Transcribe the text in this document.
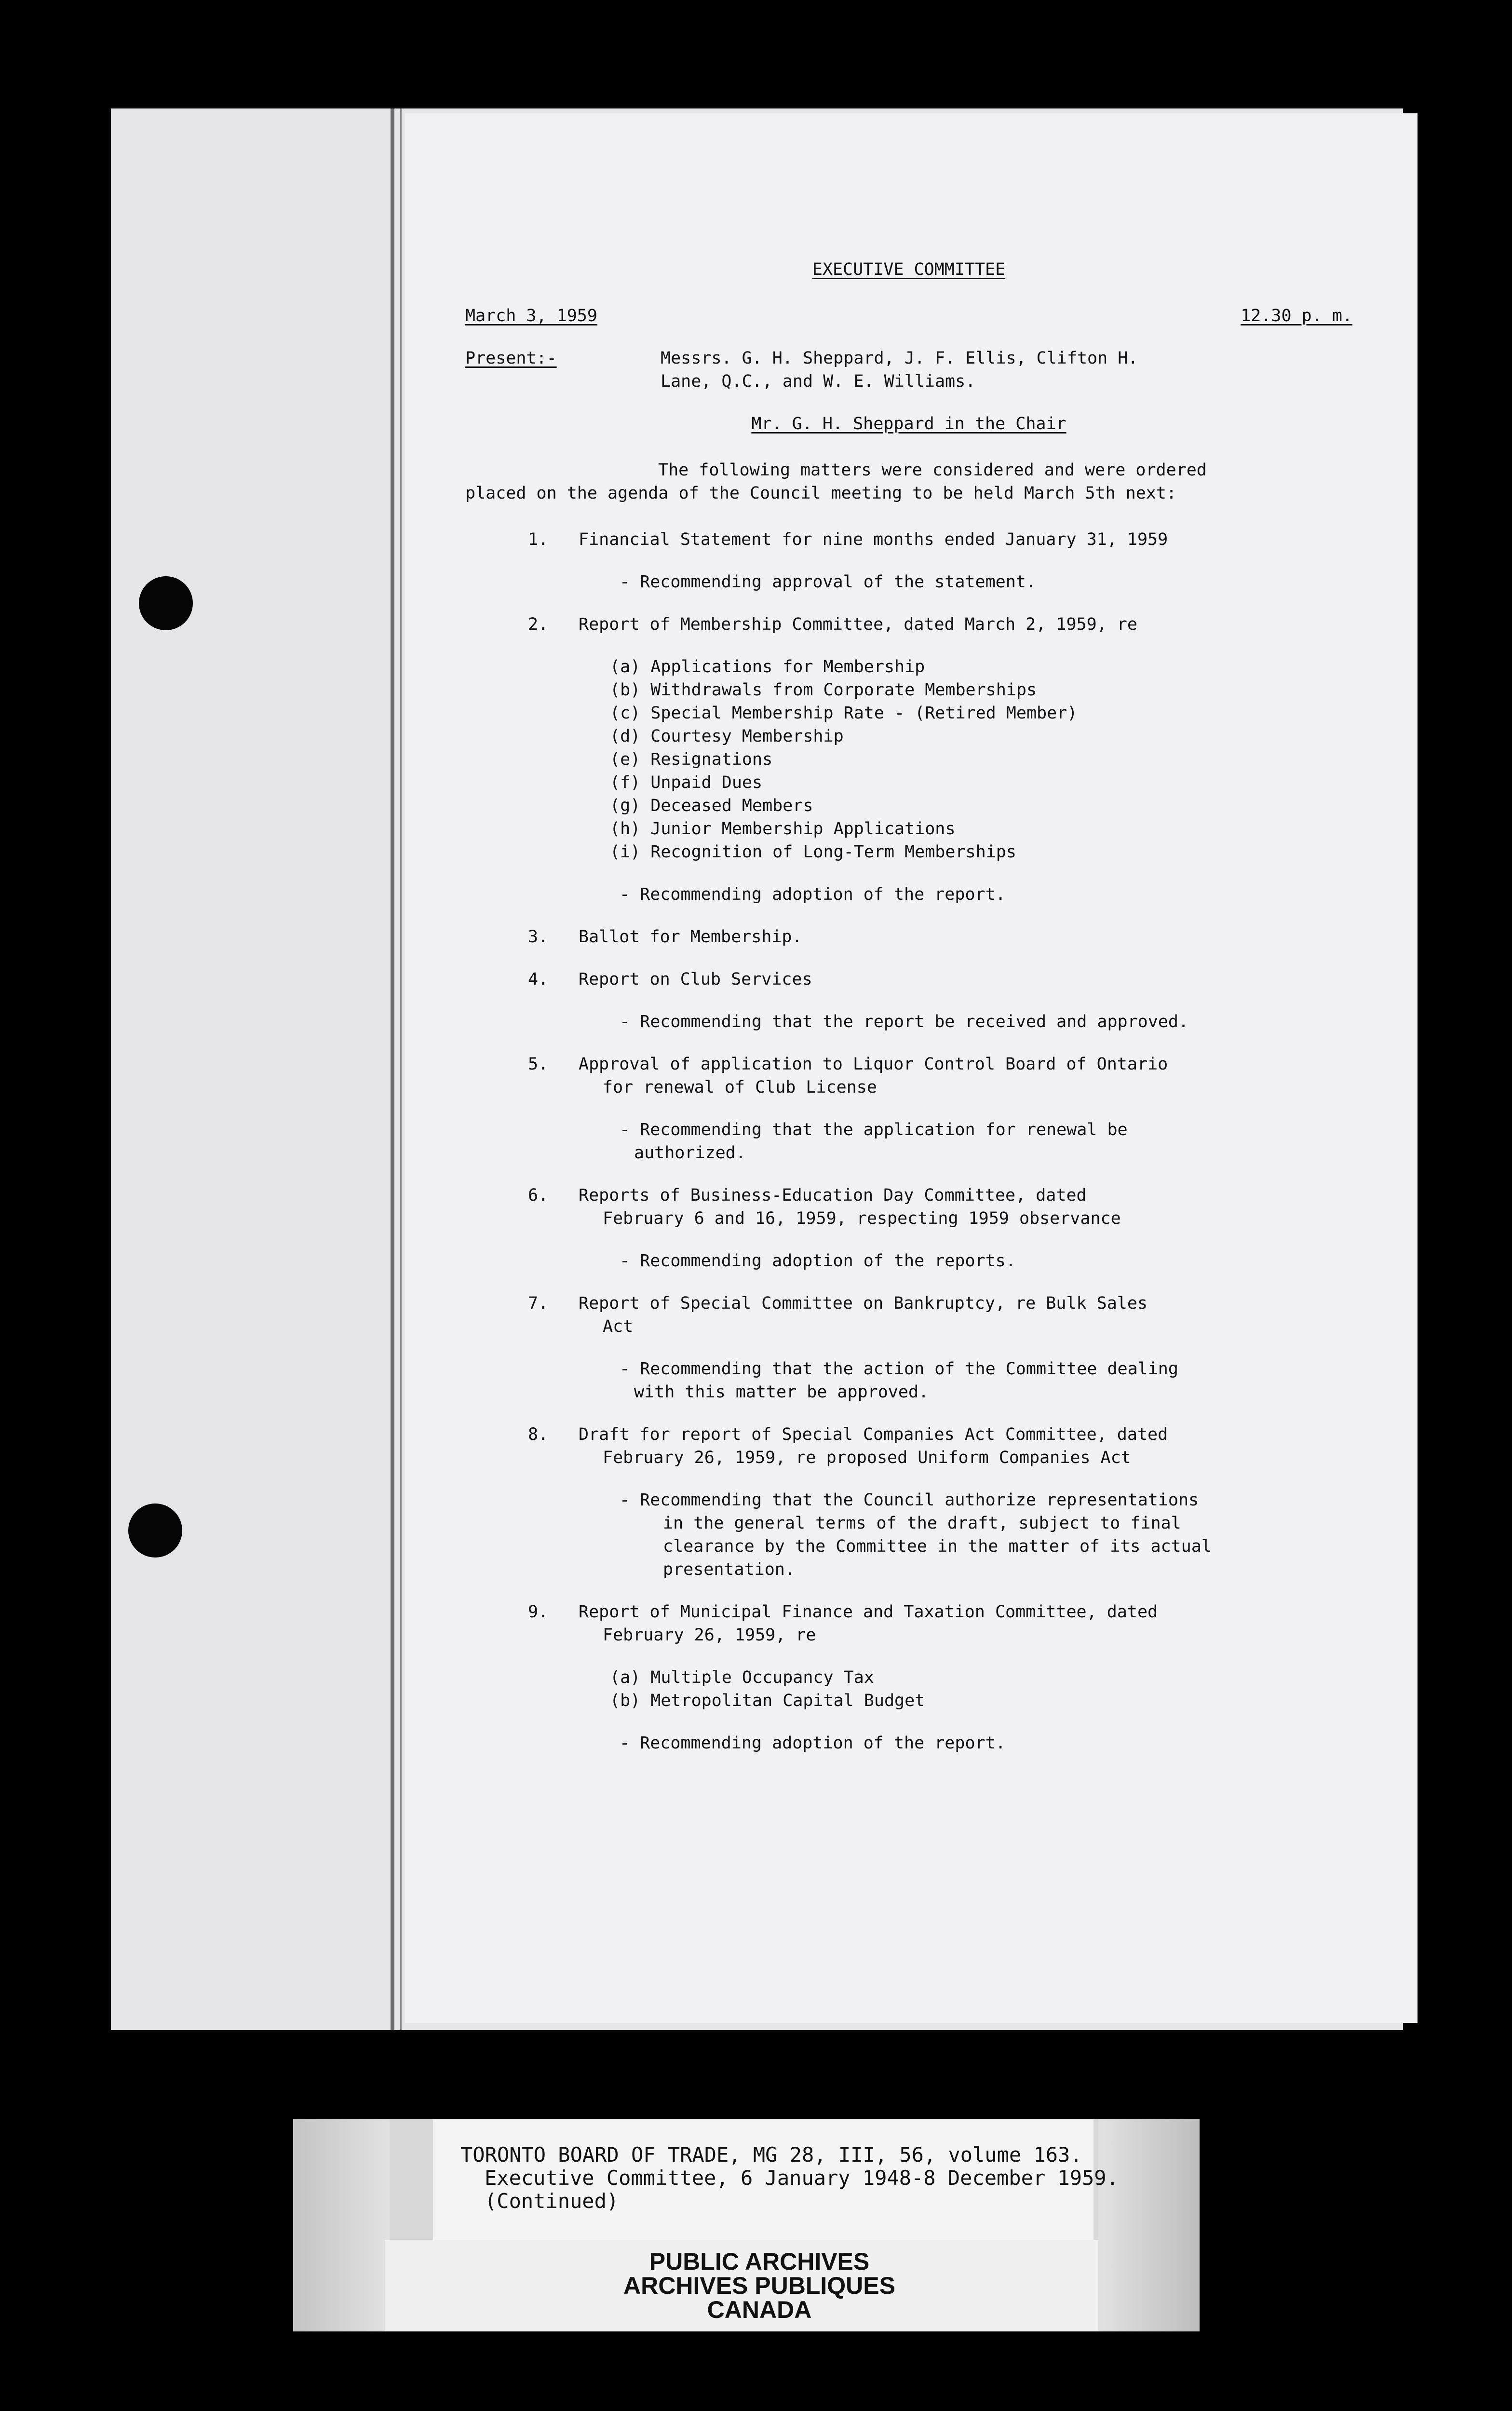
EXECUTIVE COMMITTEE
March 3, 1959	12.30 p. m.
Present:-	Messrs. G. H. Sheppard, J. F. Ellis, Clifton H.
Lane, Q.C., and W. E. Williams.
Mr. G. H. Sheppard in the Chair
The following matters were considered and were ordered
placed on the agenda of the Council meeting to be held March 5th next:
1. Financial Statement for nine months ended January 31, 1959
- Recommending approval of the statement.
2. Report of Membership Committee, dated March 2, 1959, re
(a) Applications for Membership
(b) Withdrawals from Corporate Memberships
(c) Special Membership Rate - (Retired Member)
(d) Courtesy Membership
(e) Resignations
(f) Unpaid Dues
(g) Deceased Members
(h) Junior Membership Applications
(i) Recognition of Long-Term Memberships
- Recommending adoption of the report.
3. Ballot for Membership.
4. Report on Club Services
- Recommending that the report be received and approved.
5. Approval of application to Liquor Control Board of Ontario
for renewal of Club License
- Recommending that the application for renewal be
authorized.
6. Reports of Business-Education Day Committee, dated
February 6 and 16, 1959, respecting 1959 observance
- Recommending adoption of the reports.
7. Report of Special Committee on Bankruptcy, re Bulk Sales
Act
- Recommending that the action of the Committee dealing
with this matter be approved.
8. Draft for report of Special Companies Act Committee, dated
February 26, 1959, re proposed Uniform Companies Act
- Recommending that the Council authorize representations
in the general terms of the draft, subject to final
clearance by the Committee in the matter of its actual
presentation.
9. Report of Municipal Finance and Taxation Committee, dated
February 26, 1959, re
(a) Multiple Occupancy Tax
(b) Metropolitan Capital Budget
- Recommending adoption of the report.
TORONTO BOARD OF TRADE, MG 28, III, 56, volume 163.
Executive Committee, 6 January 1948-8 December 1959.
(Continued)
PUBLIC ARCHIVES
ARCHIVES PUBLIQUES
CANADA
